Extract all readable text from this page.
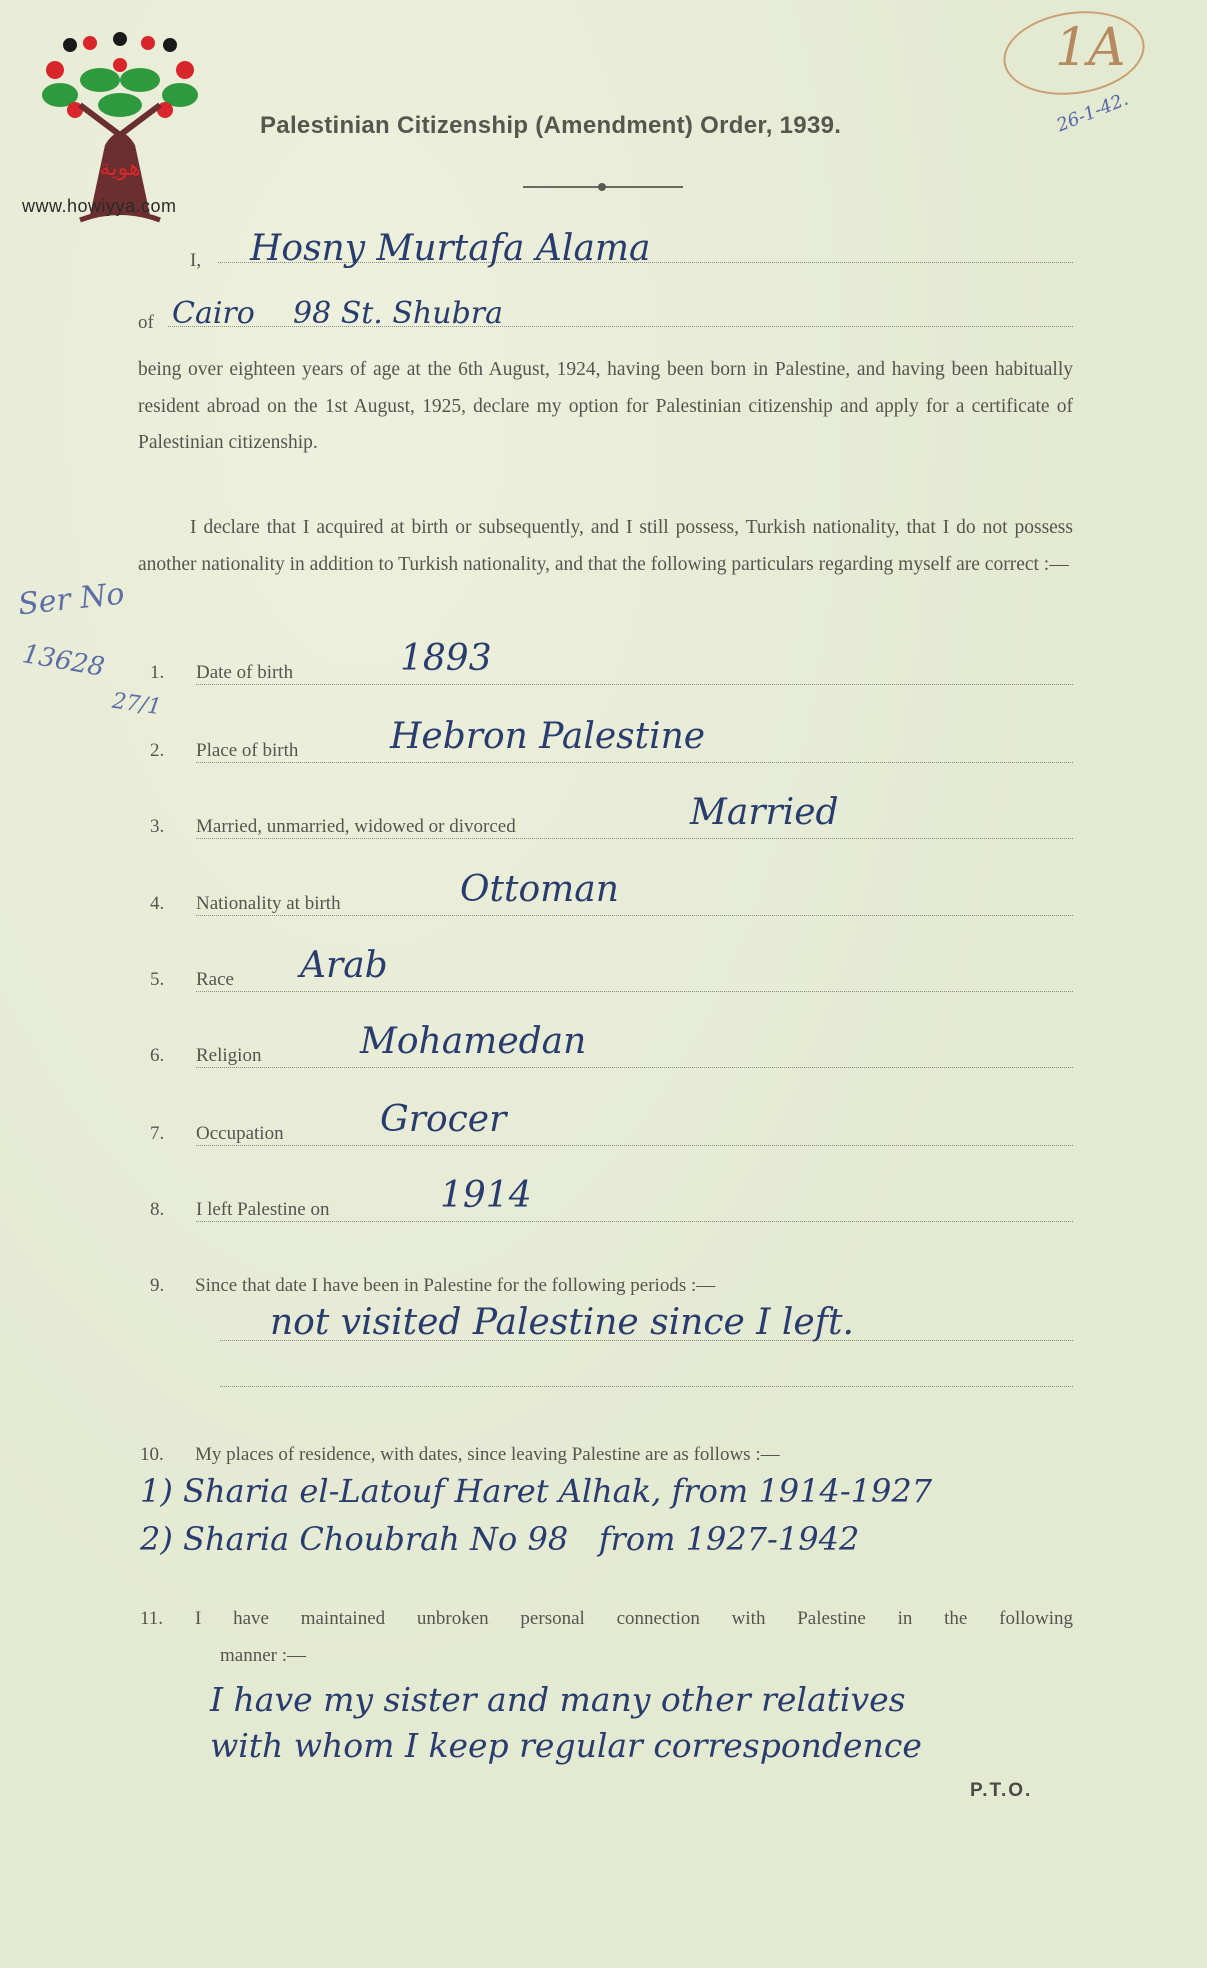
هوية
www.howiyya.com
Palestinian Citizenship (Amendment) Order, 1939.
1A
26-1-42.
I, Hosny Murtafa Alama
of Cairo    98 St. Shubra
being over eighteen years of age at the 6th August, 1924, having been born in Palestine, and having been habitually resident abroad on the 1st August, 1925, declare my option for Palestinian citizenship and apply for a certificate of Palestinian citizenship.
I declare that I acquired at birth or subsequently, and I still possess, Turkish nationality, that I do not possess another nationality in addition to Turkish nationality, and that the following particulars regarding myself are correct :—
Ser No
13628
27/1
1. Date of birth	1893
2. Place of birth	Hebron Palestine
3. Married, unmarried, widowed or divorced	Married
4. Nationality at birth	Ottoman
5. Race Arab
6. Religion	Mohamedan
7. Occupation	Grocer
8. I left Palestine on	1914
9. Since that date I have been in Palestine for the following periods :—
not visited Palestine since I left.
10. My places of residence, with dates, since leaving Palestine are as follows :—
1) Sharia el-Latouf Haret Alhak, from 1914-1927
2) Sharia Choubrah No 98   from 1927-1942
11. I have maintained unbroken personal connection with Palestine in the following
manner :—
I have my sister and many other relatives
with whom I keep regular correspondence
P.T.O.
